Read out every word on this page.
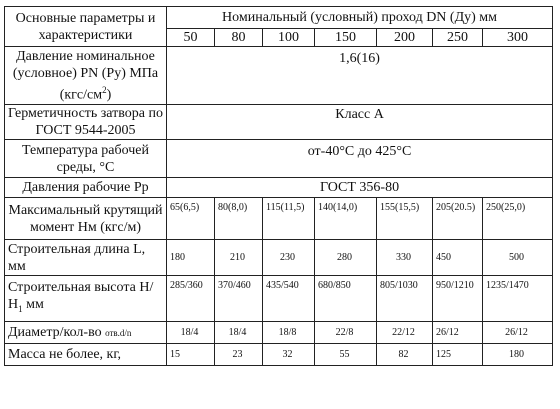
Основные параметры и характеристики	Номинальный (условный) проход DN (Ду) мм						
	50	80	100	150	200	250	300
Давление номинальное (условное) PN (Ру) МПа $(кгс/см^2)$	1,6(16)						
Герметичность затвора по ГОСТ 9544-2005	Класс А						
Температура рабочей среды, °С	от-40°С до 425°С						
Давления рабочие Рр	ГОСТ 356-80						
Максимальный крутящий момент Нм (кгс/м)	65(6,5)	80(8,0)	115(11,5)	140(14,0)	155(15,5)	205(20.5)	250(25,0)
Строительная длина L, мм	180	210	230	280	330	450	500
Строительная высота $Н/Н_1$ мм	285/360	370/460	435/540	680/850	805/1030	950/1210	1235/1470
Диаметр/кол-во отв.d/n	18/4	18/4	18/8	22/8	22/12	26/12	26/12
Масса не более, кг,	15	23	32	55	82	125	180
